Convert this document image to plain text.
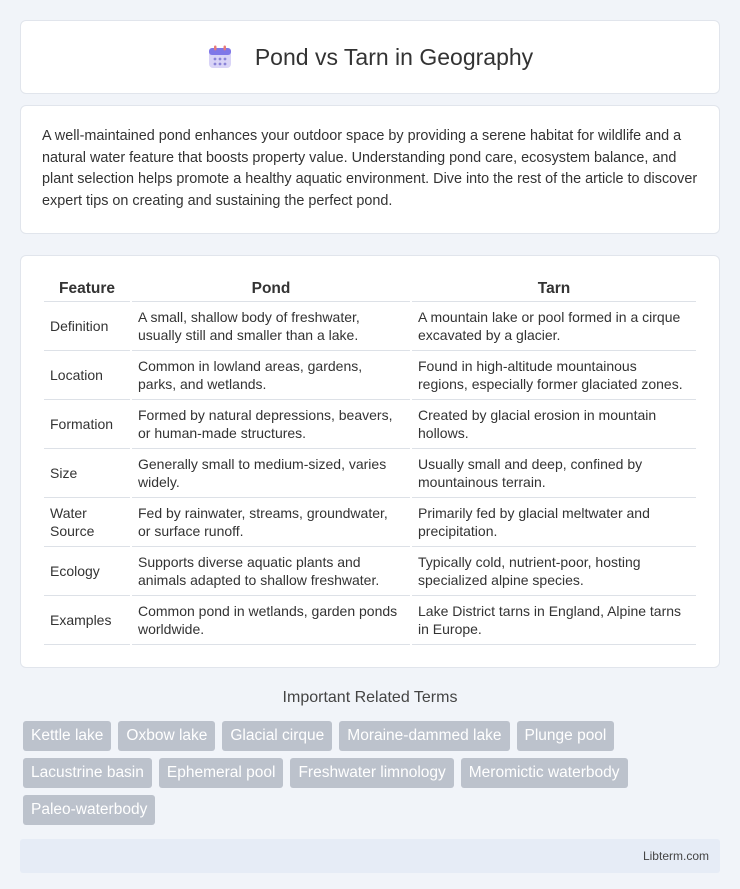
Pond vs Tarn in Geography

A well-maintained pond enhances your outdoor space by providing a serene habitat for wildlife and a natural water feature that boosts property value. Understanding pond care, ecosystem balance, and plant selection helps promote a healthy aquatic environment. Dive into the rest of the article to discover expert tips on creating and sustaining the perfect pond.

Feature	Pond	Tarn
Definition	A small, shallow body of freshwater, usually still and smaller than a lake.	A mountain lake or pool formed in a cirque excavated by a glacier.
Location	Common in lowland areas, gardens, parks, and wetlands.	Found in high-altitude mountainous regions, especially former glaciated zones.
Formation	Formed by natural depressions, beavers, or human-made structures.	Created by glacial erosion in mountain hollows.
Size	Generally small to medium-sized, varies widely.	Usually small and deep, confined by mountainous terrain.
Water Source	Fed by rainwater, streams, groundwater, or surface runoff.	Primarily fed by glacial meltwater and precipitation.
Ecology	Supports diverse aquatic plants and animals adapted to shallow freshwater.	Typically cold, nutrient-poor, hosting specialized alpine species.
Examples	Common pond in wetlands, garden ponds worldwide.	Lake District tarns in England, Alpine tarns in Europe.
Important Related Terms
Kettle lake	Oxbow lake	Glacial cirque	Moraine-dammed lake	Plunge pool
Lacustrine basin	Ephemeral pool	Freshwater limnology	Meromictic waterbody
Paleo-waterbody
Libterm.com
